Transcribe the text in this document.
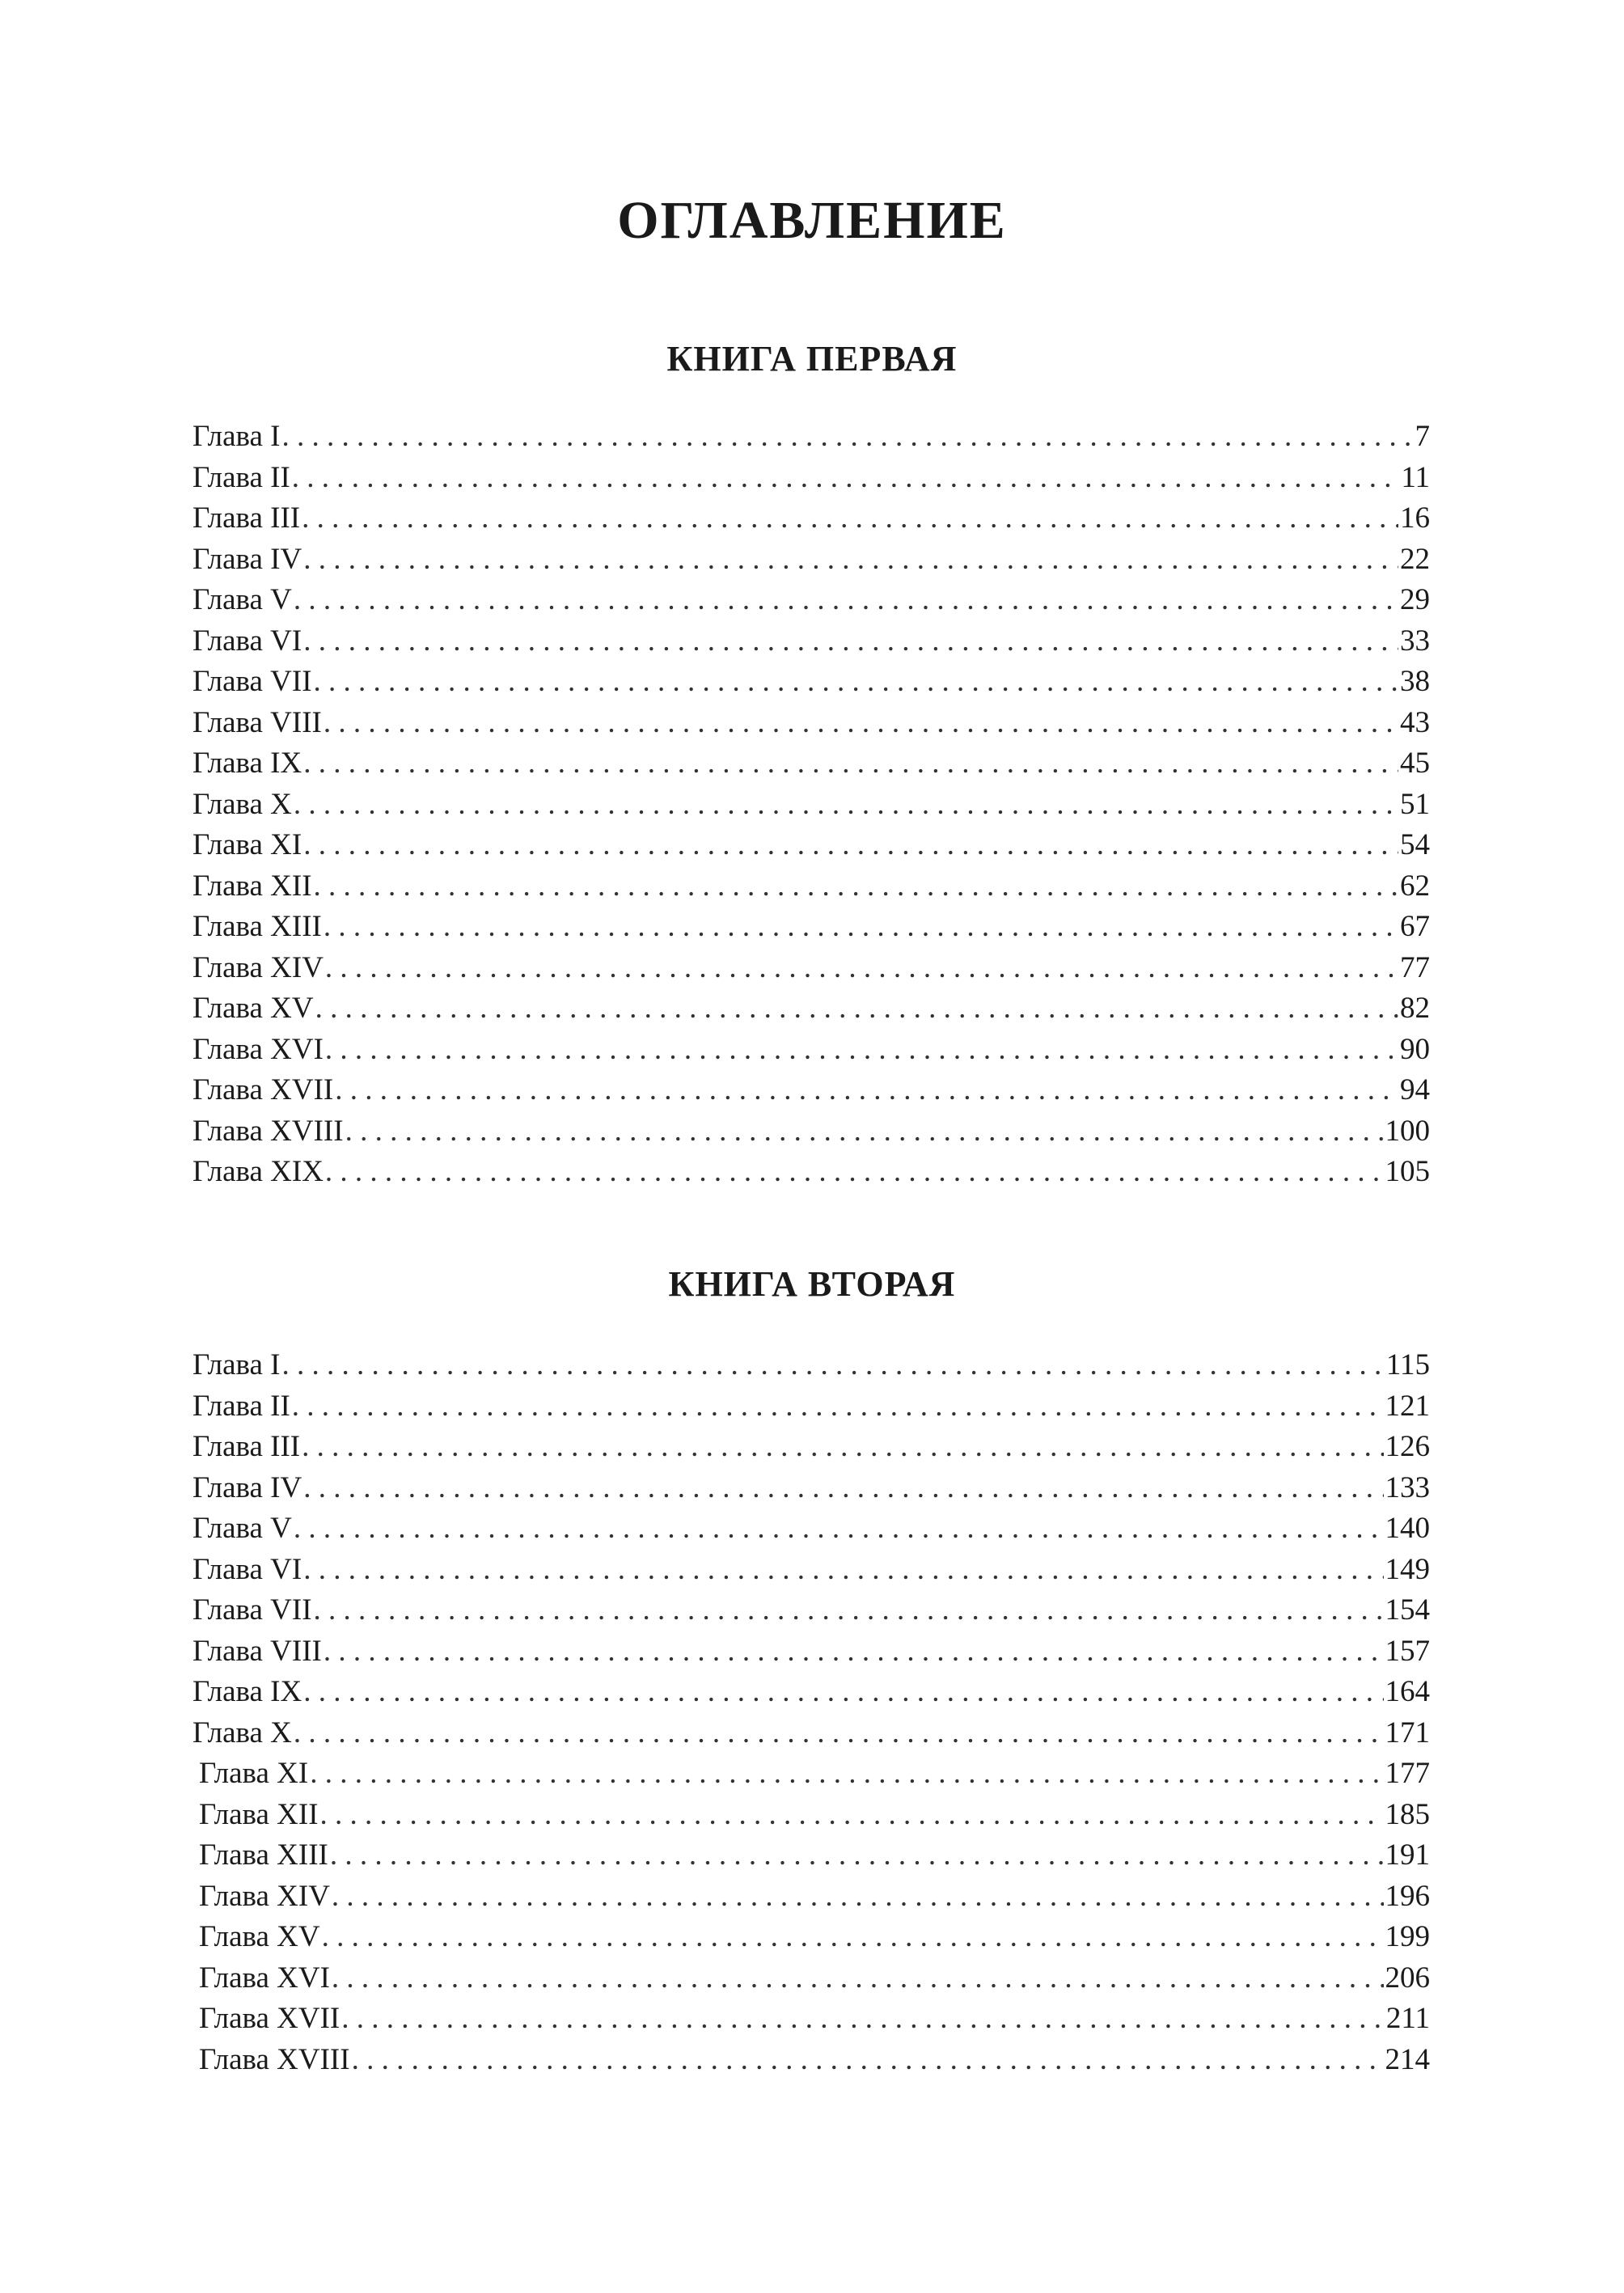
ОГЛАВЛЕНИЕ
КНИГА ПЕРВАЯ
Глава I . . .	7
Глава II . . .	11
Глава III . . .	16
Глава IV . . .	22
Глава V . . .	29
Глава VI . . .	33
Глава VII . . .	38
Глава VIII . . .	43
Глава IX . . .	45
Глава X . . .	51
Глава XI . . .	54
Глава XII . . .	62
Глава XIII . . .	67
Глава XIV . . .	77
Глава XV . . .	82
Глава XVI . . .	90
Глава XVII . . .	94
Глава XVIII . . .	100
Глава XIX . . .	105
КНИГА ВТОРАЯ
Глава I . . .	115
Глава II . . .	121
Глава III . . .	126
Глава IV . . .	133
Глава V . . .	140
Глава VI . . .	149
Глава VII . . .	154
Глава VIII . . .	157
Глава IX . . .	164
Глава X . . .	171
Глава XI . . .	177
Глава XII . . .	185
Глава XIII . . .	191
Глава XIV . . .	196
Глава XV . . .	199
Глава XVI . . .	206
Глава XVII . . .	211
Глава XVIII . . .	214
